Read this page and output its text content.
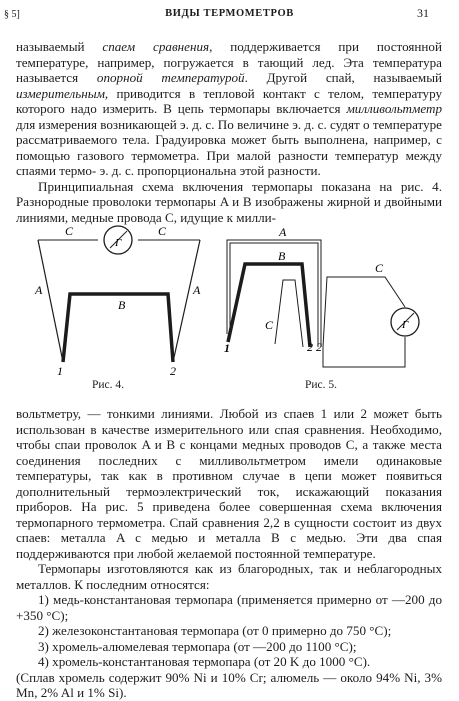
§ 5]	ВИДЫ ТЕРМОМЕТРОВ	31

называемый спаем сравнения, поддерживается при постоянной температуре, например, погружается в тающий лед. Эта температура называется опорной температурой. Другой спай, называемый измерительным, приводится в тепловой контакт с телом, температуру которого надо измерить. В цепь термопары включается милливольтметр для измерения возникающей э. д. с. По величине э. д. с. судят о температуре рассматриваемого тела. Градуировка может быть выполнена, например, с помощью газового термометра. При малой разности температур между спаями термо- э. д. с. пропорциональна этой разности.

Принципиальная схема включения термопары показана на рис. 4. Разнородные проволоки термопары A и B изображены жирной и двойными линиями, медные провода C, идущие к милли-

Г
C	C
A	A
B
1	2
Рис. 4.
Г
A
B
C
C
1	2 2
Рис. 5.

вольтметру, — тонкими линиями. Любой из спаев 1 или 2 может быть использован в качестве измерительного или спая сравнения. Необходимо, чтобы спаи проволок A и B с концами медных проводов C, а также места соединения последних с милливольтметром имели одинаковые температуры, так как в противном случае в цепи может появиться дополнительный термоэлектрический ток, искажающий показания приборов. На рис. 5 приведена более совершенная схема включения термопарного термометра. Спай сравнения 2,2 в сущности состоит из двух спаев: металла A с медью и металла B с медью. Эти два спая поддерживаются при любой желаемой постоянной температуре.

Термопары изготовляются как из благородных, так и неблагородных металлов. К последним относятся:

1) медь-константановая термопара (применяется примерно от —200 до +350 °C);

2) железоконстантановая термопара (от 0 примерно до 750 °C);

3) хромель-алюмелевая термопара (от —200 до 1100 °C);

4) хромель-константановая термопара (от 20 K до 1000 °C).

(Сплав хромель содержит 90% Ni и 10% Cr; алюмель — около 94% Ni, 3% Mn, 2% Al и 1% Si).
